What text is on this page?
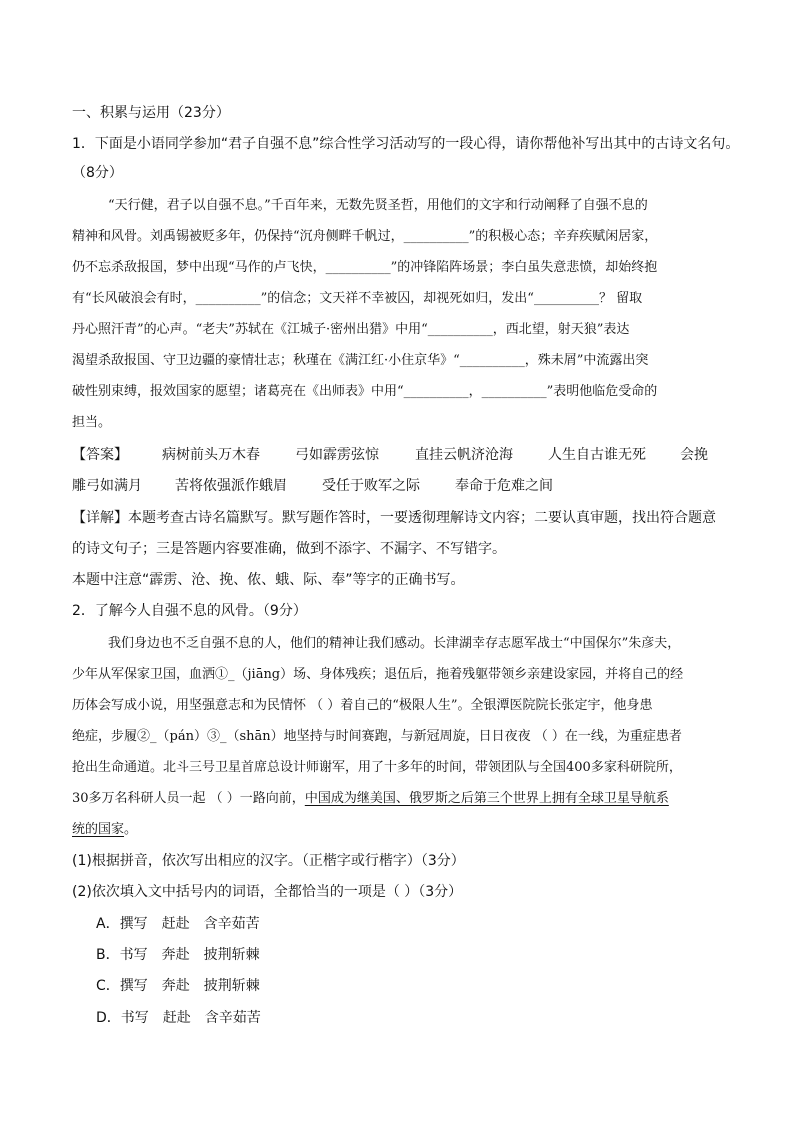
一、积累与运用（23分）
1．下面是小语同学参加“君子自强不息”综合性学习活动写的一段心得，请你帮他补写出其中的古诗文名句。
（8分）
“天行健，君子以自强不息。”千百年来，无数先贤圣哲，用他们的文字和行动阐释了自强不息的
精神和风骨。刘禹锡被贬多年，仍保持“沉舟侧畔千帆过，__________”的积极心态；辛弃疾赋闲居家，
仍不忘杀敌报国，梦中出现“马作的卢飞快，__________”的冲锋陷阵场景；李白虽失意悲愤，却始终抱
有“长风破浪会有时，__________”的信念；文天祥不幸被囚，却视死如归，发出“__________？ 留取
丹心照汗青”的心声。“老夫”苏轼在《江城子·密州出猎》中用“__________，西北望，射天狼”表达
渴望杀敌报国、守卫边疆的豪情壮志；秋瑾在《满江红·小住京华》“__________，殊未屑”中流露出突
破性别束缚，报效国家的愿望；诸葛亮在《出师表》中用“__________，__________”表明他临危受命的
担当。
【答案】 病树前头万木春	弓如霹雳弦惊	直挂云帆济沧海	人生自古谁无死 会挽
雕弓如满月 苦将侬强派作蛾眉	受任于败军之际	奉命于危难之间
【详解】本题考查古诗名篇默写。默写题作答时，一要透彻理解诗文内容；二要认真审题，找出符合题意
的诗文句子；三是答题内容要准确，做到不添字、不漏字、不写错字。
本题中注意“霹雳、沧、挽、侬、蛾、际、奉”等字的正确书写。
2．了解今人自强不息的风骨。（9分）
我们身边也不乏自强不息的人，他们的精神让我们感动。长津湖幸存志愿军战士“中国保尔”朱彦夫，
少年从军保家卫国，血洒①_（jiāng）场、身体残疾；退伍后，拖着残躯带领乡亲建设家园，并将自己的经
历体会写成小说，用坚强意志和为民情怀 （ ）着自己的“极限人生”。全银潭医院院长张定宇，他身患
绝症，步履②_（pán）③_（shān）地坚持与时间赛跑，与新冠周旋，日日夜夜 （ ）在一线，为重症患者
抢出生命通道。北斗三号卫星首席总设计师谢军，用了十多年的时间，带领团队与全国400多家科研院所，
30多万名科研人员一起 （ ）一路向前，中国成为继美国、俄罗斯之后第三个世界上拥有全球卫星导航系
统的国家。
(1)根据拼音，依次写出相应的汉字。（正楷字或行楷字）（3分）
(2)依次填入文中括号内的词语，全都恰当的一项是（ ）（3分）
A．撰写　赶赴　含辛茹苦
B．书写　奔赴　披荆斩棘
C．撰写　奔赴　披荆斩棘
D．书写　赶赴　含辛茹苦
